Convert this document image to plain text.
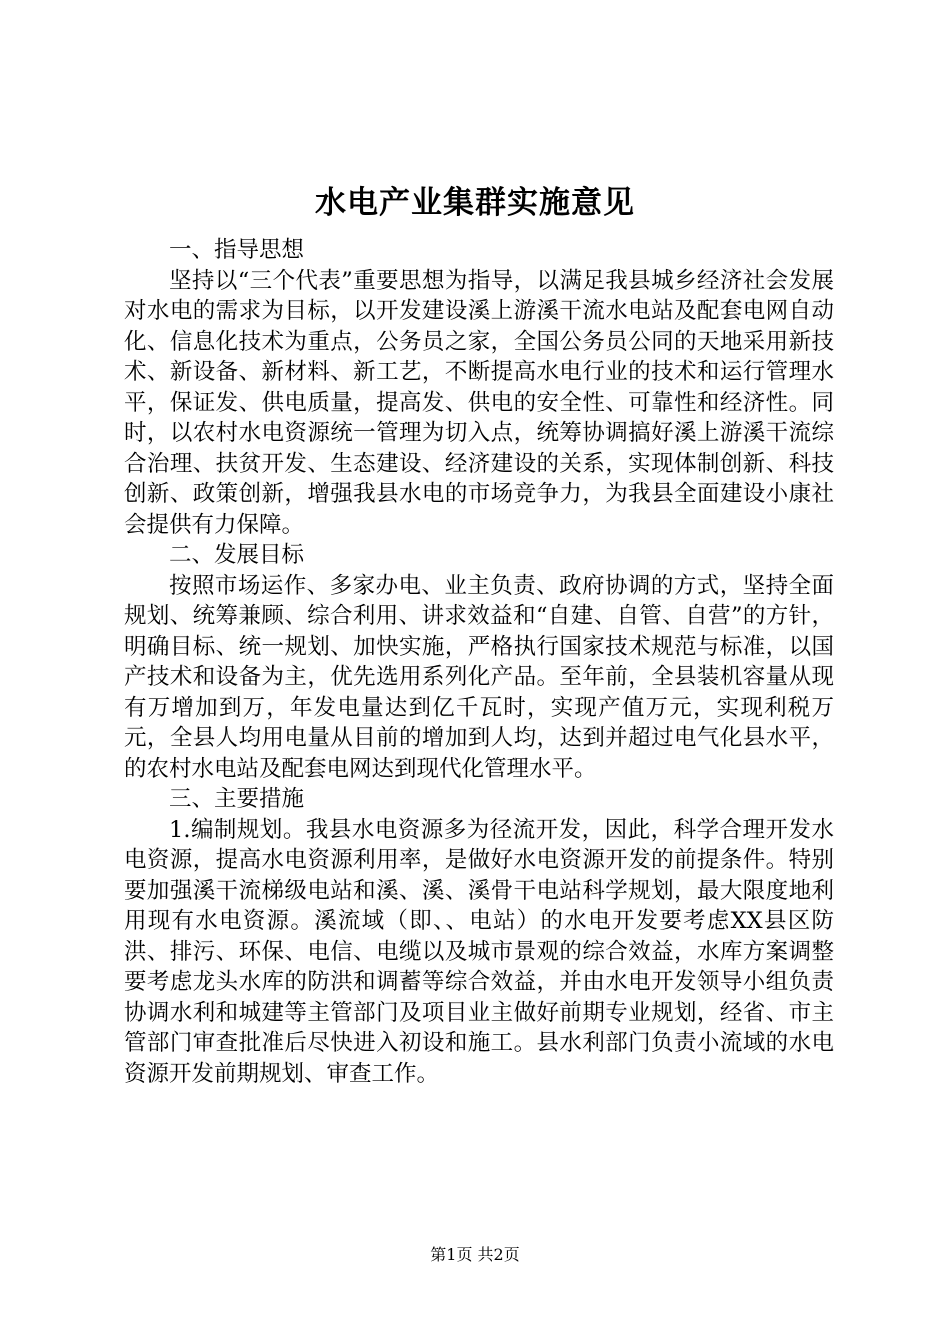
水电产业集群实施意见

一、指导思想

坚持以“三个代表”重要思想为指导，以满足我县城乡经济社会发展对水电的需求为目标，以开发建设溪上游溪干流水电站及配套电网自动化、信息化技术为重点，公务员之家，全国公务员公同的天地采用新技术、新设备、新材料、新工艺，不断提高水电行业的技术和运行管理水平，保证发、供电质量，提高发、供电的安全性、可靠性和经济性。同时，以农村水电资源统一管理为切入点，统筹协调搞好溪上游溪干流综合治理、扶贫开发、生态建设、经济建设的关系，实现体制创新、科技创新、政策创新，增强我县水电的市场竞争力，为我县全面建设小康社会提供有力保障。

二、发展目标

按照市场运作、多家办电、业主负责、政府协调的方式，坚持全面规划、统筹兼顾、综合利用、讲求效益和“自建、自管、自营”的方针，明确目标、统一规划、加快实施，严格执行国家技术规范与标准，以国产技术和设备为主，优先选用系列化产品。至年前，全县装机容量从现有万增加到万，年发电量达到亿千瓦时，实现产值万元，实现利税万元，全县人均用电量从目前的增加到人均，达到并超过电气化县水平，的农村水电站及配套电网达到现代化管理水平。

三、主要措施

1.编制规划。我县水电资源多为径流开发，因此，科学合理开发水电资源，提高水电资源利用率，是做好水电资源开发的前提条件。特别要加强溪干流梯级电站和溪、溪、溪骨干电站科学规划，最大限度地利用现有水电资源。溪流域（即、、电站）的水电开发要考虑XX县区防洪、排污、环保、电信、电缆以及城市景观的综合效益，水库方案调整要考虑龙头水库的防洪和调蓄等综合效益，并由水电开发领导小组负责协调水利和城建等主管部门及项目业主做好前期专业规划，经省、市主管部门审查批准后尽快进入初设和施工。县水利部门负责小流域的水电资源开发前期规划、审查工作。

第1页 共2页
